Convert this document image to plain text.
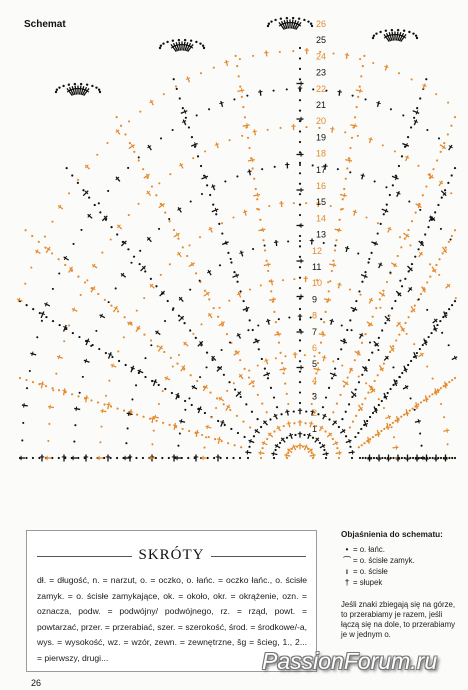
Schemat
1
2
3
4
5
6
7
8
9
10
11
12
13
14
15
16
17
18
19
20
21
22
23
24
25
26
SKRÓTY
dł. = długość, n. = narzut, o. = oczko, o. łańc. = oczko łańc., o. ścisłe zamyk. = o. ścisłe zamykające, ok. = około, okr. = okrążenie, ozn. = oznacza, podw. = podwójny/ podwójnego, rz. = rząd, powt. = powtarzać, przer. = przerabiać, szer. = szerokość, środ. = środkowe/-a, wys. = wysokość, wz. = wzór, zewn. = zewnętrzne, ŝg = ŝcieg, 1., 2... = pierwszy, drugi...
Objaśnienia do schematu:
• = o. łańc.
⌒ = o. ścisłe zamyk.
ı = o. ścisłe
† = słupek
Jeśli znaki zbiegają się na górze, to przerabiamy je razem, jeśli łączą się na dole, to przerabiamy je w jednym o.
26
PassionForum.ru
